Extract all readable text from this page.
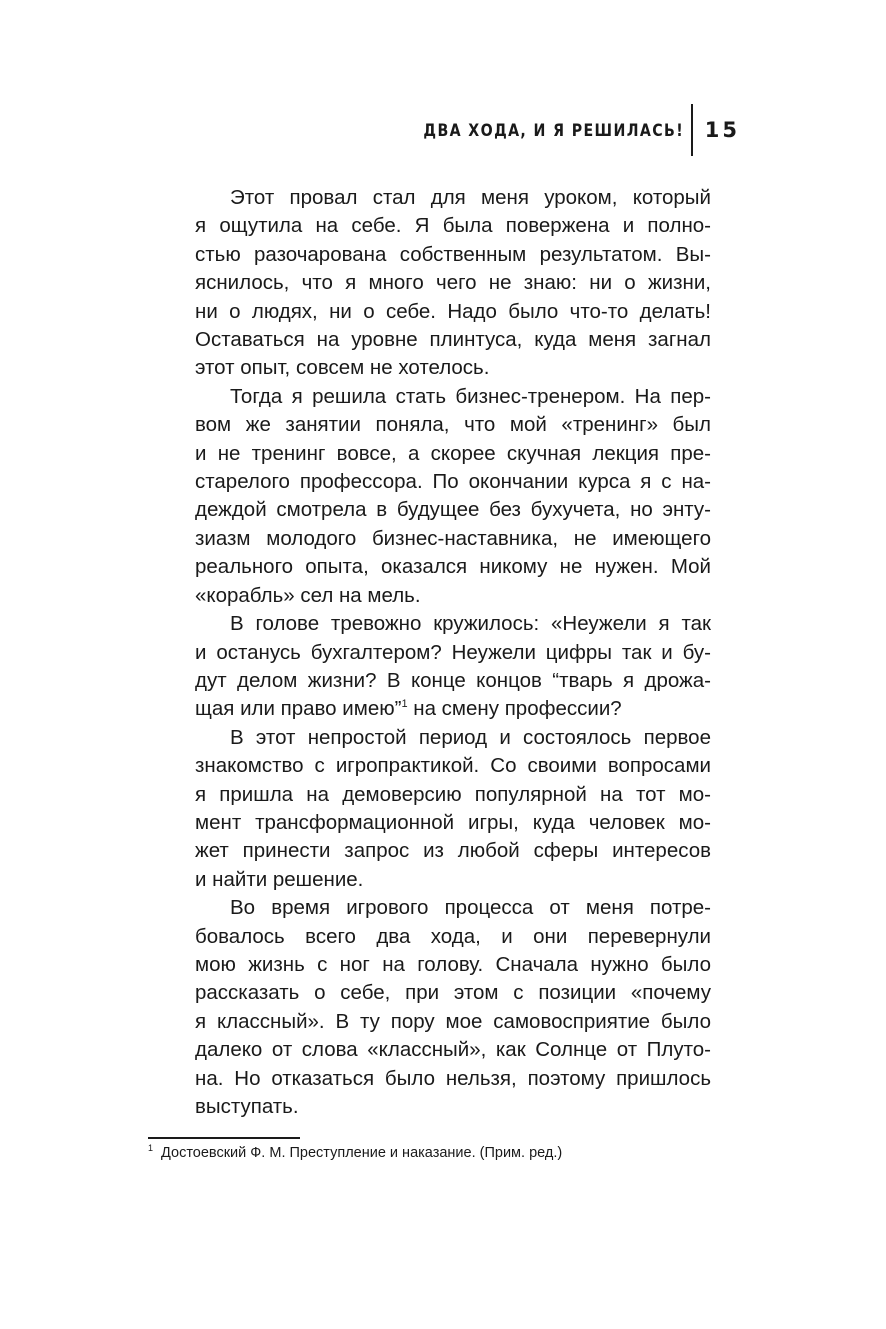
ДВА ХОДА, И Я РЕШИЛАСЬ! 15

Этот провал стал для меня уроком, который
я ощутила на себе. Я была повержена и полно-
стью разочарована собственным результатом. Вы-
яснилось, что я много чего не знаю: ни о жизни,
ни о людях, ни о себе. Надо было что-то делать!
Оставаться на уровне плинтуса, куда меня загнал
этот опыт, совсем не хотелось.

Тогда я решила стать бизнес-тренером. На пер-
вом же занятии поняла, что мой «тренинг» был
и не тренинг вовсе, а скорее скучная лекция пре-
старелого профессора. По окончании курса я с на-
деждой смотрела в будущее без бухучета, но энту-
зиазм молодого бизнес-наставника, не имеющего
реального опыта, оказался никому не нужен. Мой
«корабль» сел на мель.

В голове тревожно кружилось: «Неужели я так
и останусь бухгалтером? Неужели цифры так и бу-
дут делом жизни? В конце концов “тварь я дрожа-
щая или право имею”$^1$ на смену профессии?

В этот непростой период и состоялось первое
знакомство с игропрактикой. Со своими вопросами
я пришла на демоверсию популярной на тот мо-
мент трансформационной игры, куда человек мо-
жет принести запрос из любой сферы интересов
и найти решение.

Во время игрового процесса от меня потре-
бовалось всего два хода, и они перевернули
мою жизнь с ног на голову. Сначала нужно было
рассказать о себе, при этом с позиции «почему
я классный». В ту пору мое самовосприятие было
далеко от слова «классный», как Солнце от Плуто-
на. Но отказаться было нельзя, поэтому пришлось
выступать.

$^1$ Достоевский Ф. М. Преступление и наказание. (Прим. ред.)
